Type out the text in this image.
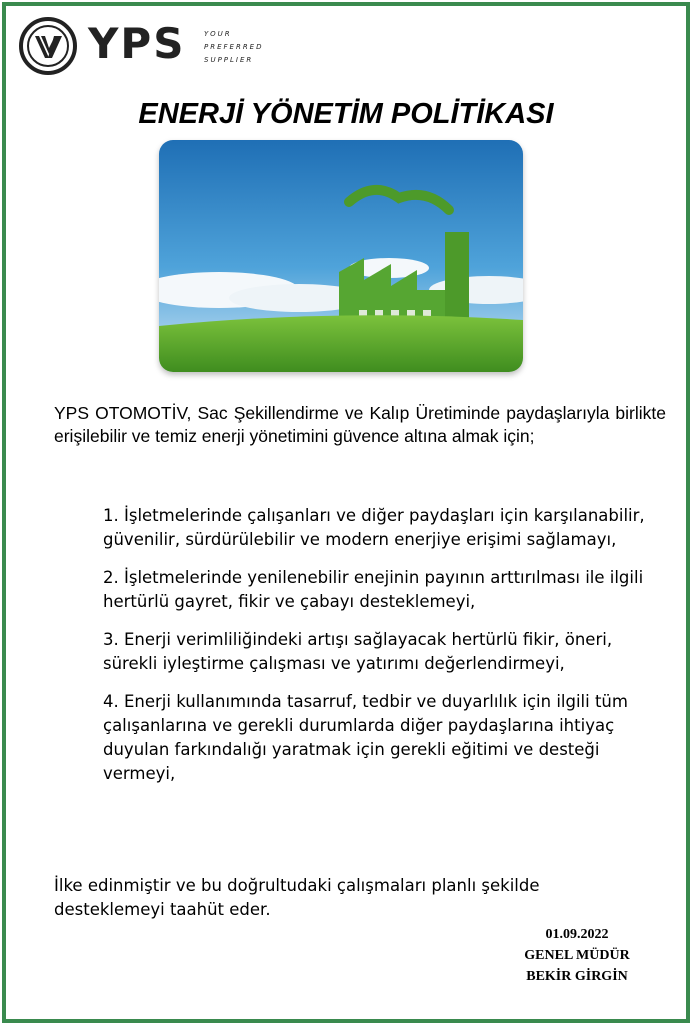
YPS	YOUR
PREFERRED
SUPPLIER
ENERJİ YÖNETİM POLİTİKASI

YPS OTOMOTİV, Sac Şekillendirme ve Kalıp Üretiminde paydaşlarıyla birlikte erişilebilir ve temiz enerji yönetimini güvence altına almak için;

1. İşletmelerinde çalışanları ve diğer paydaşları için karşılanabilir, güvenilir, sürdürülebilir ve modern enerjiye erişimi sağlamayı,
2. İşletmelerinde yenilenebilir enejinin payının arttırılması ile ilgili hertürlü gayret, fikir ve çabayı desteklemeyi,
3. Enerji verimliliğindeki artışı sağlayacak hertürlü fikir, öneri, sürekli iyleştirme çalışması ve yatırımı değerlendirmeyi,
4. Enerji kullanımında tasarruf, tedbir ve duyarlılık için ilgili tüm çalışanlarına ve gerekli durumlarda diğer paydaşlarına ihtiyaç duyulan farkındalığı yaratmak için gerekli eğitimi ve desteği vermeyi,

İlke edinmiştir ve bu doğrultudaki çalışmaları planlı şekilde desteklemeyi taahüt eder.

01.09.2022
GENEL MÜDÜR
BEKİR GİRGİN
